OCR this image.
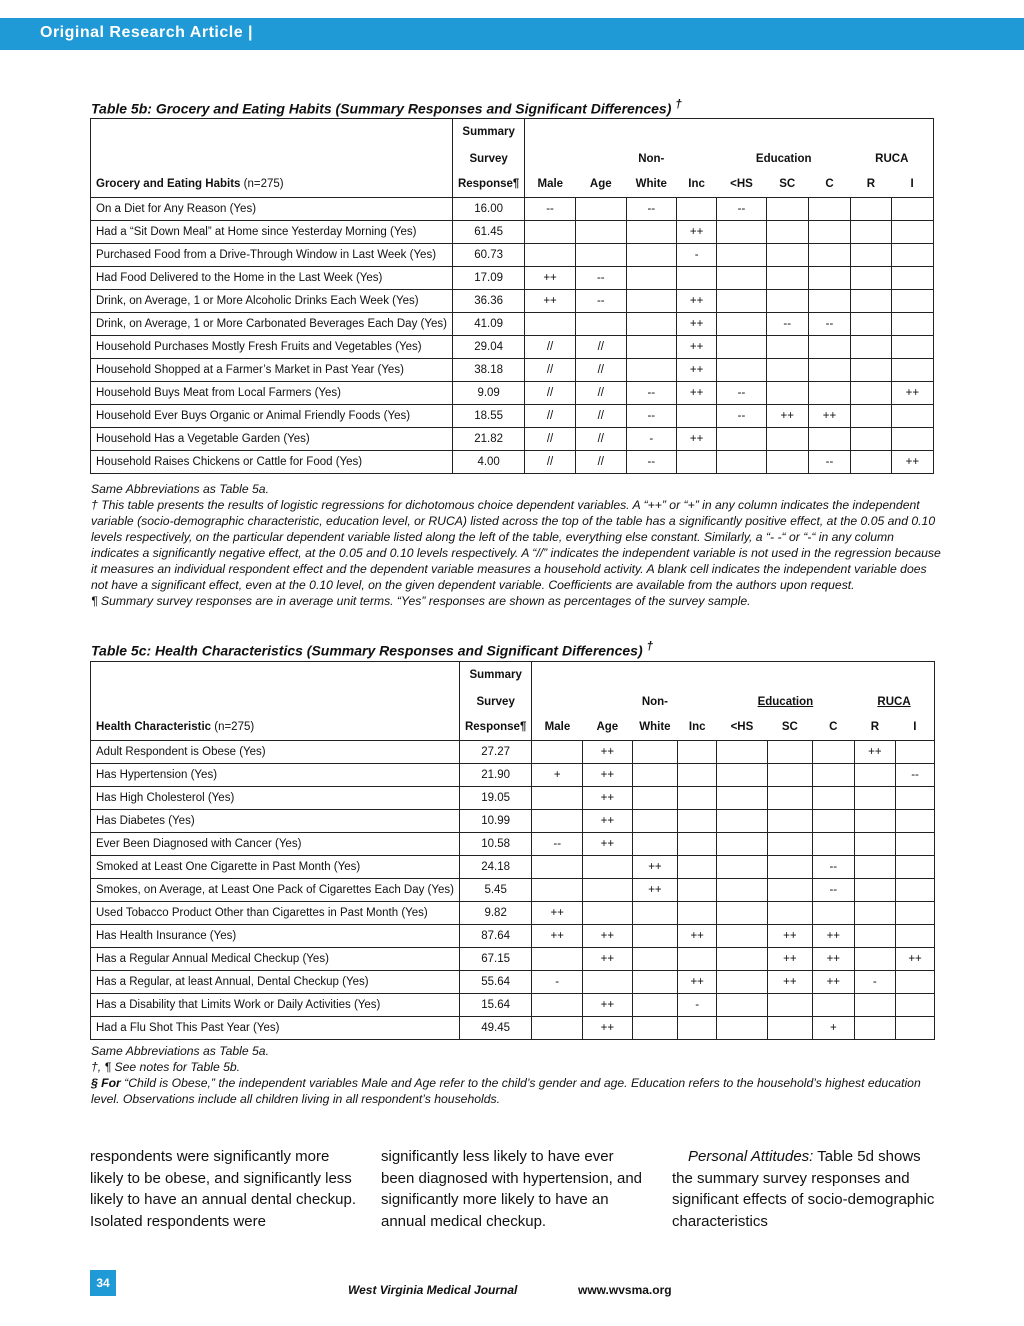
Original Research Article |
Table 5b: Grocery and Eating Habits (Summary Responses and Significant Differences) †
	Summary									
	Survey			Non-		Education			RUCA	
Grocery and Eating Habits (n=275)	Response¶	Male	Age	White	Inc	<HS	SC	C	R	I
On a Diet for Any Reason (Yes)	16.00	--		--		--				
Had a “Sit Down Meal” at Home since Yesterday Morning (Yes)	61.45				++					
Purchased Food from a Drive-Through Window in Last Week (Yes)	60.73				-					
Had Food Delivered to the Home in the Last Week (Yes)	17.09	++	--							
Drink, on Average, 1 or More Alcoholic Drinks Each Week (Yes)	36.36	++	--		++					
Drink, on Average, 1 or More Carbonated Beverages Each Day (Yes)	41.09				++		--	--		
Household Purchases Mostly Fresh Fruits and Vegetables (Yes)	29.04	//	//		++					
Household Shopped at a Farmer’s Market in Past Year (Yes)	38.18	//	//		++					
Household Buys Meat from Local Farmers (Yes)	9.09	//	//	--	++	--				++
Household Ever Buys Organic or Animal Friendly Foods (Yes)	18.55	//	//	--		--	++	++		
Household Has a Vegetable Garden (Yes)	21.82	//	//	-	++					
Household Raises Chickens or Cattle for Food (Yes)	4.00	//	//	--				--		++

Same Abbreviations as Table 5a.

† This table presents the results of logistic regressions for dichotomous choice dependent variables. A “++” or “+” in any column indicates the independent variable (socio-demographic characteristic, education level, or RUCA) listed across the top of the table has a significantly positive effect, at the 0.05 and 0.10 levels respectively, on the particular dependent variable listed along the left of the table, everything else constant. Similarly, a “- -“ or “-“ in any column indicates a significantly negative effect, at the 0.05 and 0.10 levels respectively. A “//” indicates the independent variable is not used in the regression because it measures an individual respondent effect and the dependent variable measures a household activity. A blank cell indicates the independent variable does not have a significant effect, even at the 0.10 level, on the given dependent variable. Coefficients are available from the authors upon request.

¶ Summary survey responses are in average unit terms. “Yes” responses are shown as percentages of the survey sample.

Table 5c: Health Characteristics (Summary Responses and Significant Differences) †
	Summary									
	Survey			Non-		Education			RUCA	
Health Characteristic (n=275)	Response¶	Male	Age	White	Inc	<HS	SC	C	R	I
Adult Respondent is Obese (Yes)	27.27		++						++	
Has Hypertension (Yes)	21.90	+	++							--
Has High Cholesterol (Yes)	19.05		++							
Has Diabetes (Yes)	10.99		++							
Ever Been Diagnosed with Cancer (Yes)	10.58	--	++							
Smoked at Least One Cigarette in Past Month (Yes)	24.18			++				--		
Smokes, on Average, at Least One Pack of Cigarettes Each Day (Yes)	5.45			++				--		
Used Tobacco Product Other than Cigarettes in Past Month (Yes)	9.82	++								
Has Health Insurance (Yes)	87.64	++	++		++		++	++		
Has a Regular Annual Medical Checkup (Yes)	67.15		++				++	++		++
Has a Regular, at least Annual, Dental Checkup (Yes)	55.64	-			++		++	++	-	
Has a Disability that Limits Work or Daily Activities (Yes)	15.64		++		-					
Had a Flu Shot This Past Year (Yes)	49.45		++					+		

Same Abbreviations as Table 5a.

†, ¶ See notes for Table 5b.

§ For “Child is Obese,” the independent variables Male and Age refer to the child’s gender and age. Education refers to the household’s highest education level. Observations include all children living in all respondent’s households.

respondents were significantly more likely to be obese, and significantly less likely to have an annual dental checkup. Isolated respondents were
significantly less likely to have ever been diagnosed with hypertension, and significantly more likely to have an annual medical checkup.
Personal Attitudes: Table 5d shows the summary survey responses and significant effects of socio-demographic characteristics
34	West Virginia Medical Journal	www.wvsma.org
